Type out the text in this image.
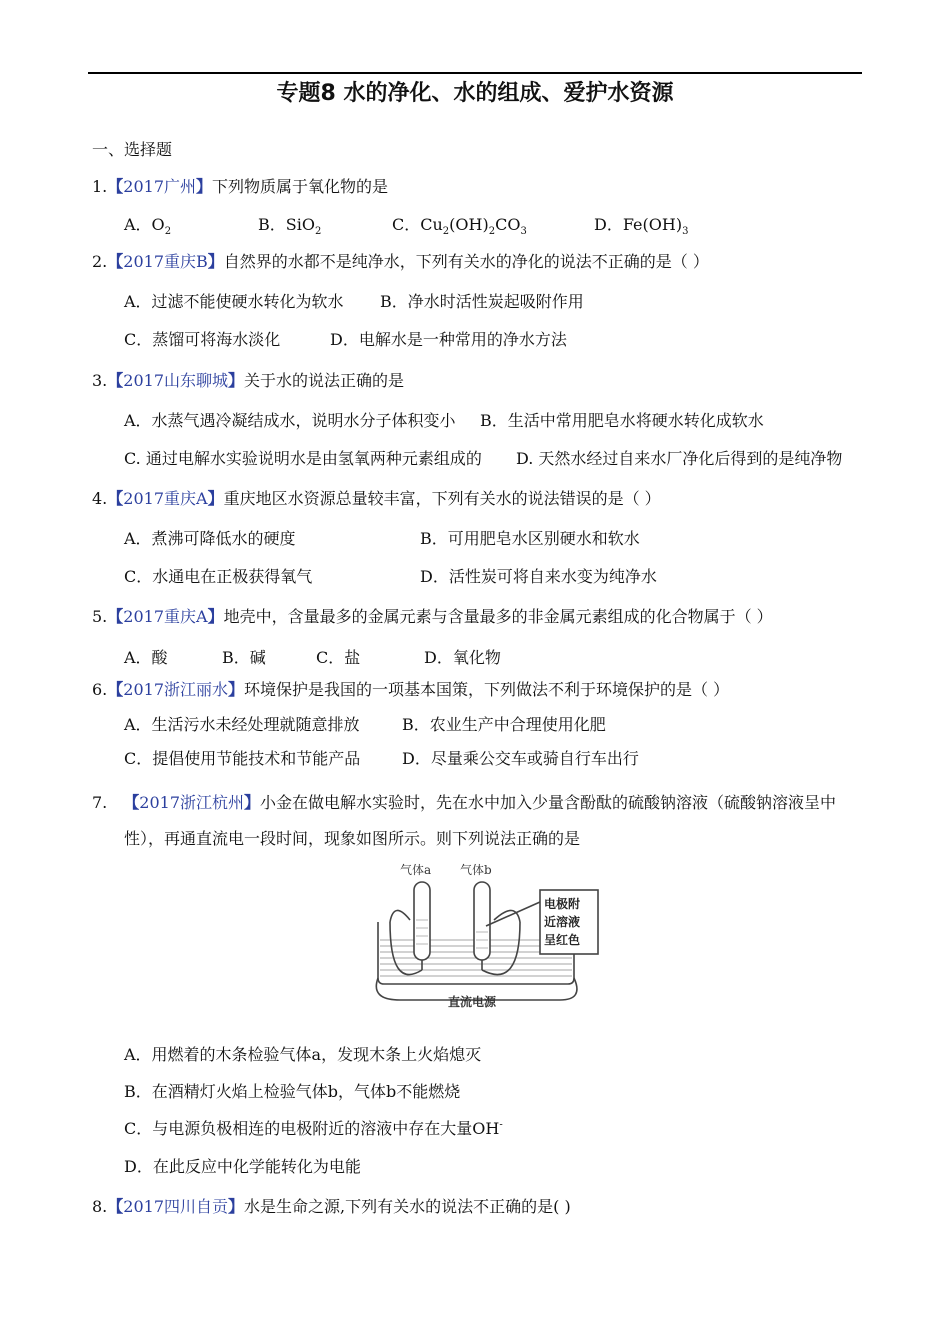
专题8 水的净化、水的组成、爱护水资源
一、选择题
1.【2017广州】下列物质属于氧化物的是
A．$O_2$	B．SiO$_2$	C．$Cu_2(OH)_2CO_3$	D．$Fe(OH)_3$
2.【2017重庆B】自然界的水都不是纯净水，下列有关水的净化的说法不正确的是（ ）
A．过滤不能使硬水转化为软水 B．净水时活性炭起吸附作用
C．蒸馏可将海水淡化	D．电解水是一种常用的净水方法
3.【2017山东聊城】关于水的说法正确的是
A．水蒸气遇冷凝结成水，说明水分子体积变小 B．生活中常用肥皂水将硬水转化成软水
C. 通过电解水实验说明水是由氢氧两种元素组成的 D. 天然水经过自来水厂净化后得到的是纯净物
4.【2017重庆A】重庆地区水资源总量较丰富，下列有关水的说法错误的是（ ）
A．煮沸可降低水的硬度	B．可用肥皂水区别硬水和软水
C．水通电在正极获得氧气	D．活性炭可将自来水变为纯净水
5.【2017重庆A】地壳中，含量最多的金属元素与含量最多的非金属元素组成的化合物属于（ ）
A．酸	B．碱	C．盐	D．氧化物
6.【2017浙江丽水】环境保护是我国的一项基本国策，下列做法不利于环境保护的是（ ）
A．生活污水未经处理就随意排放	B．农业生产中合理使用化肥
C．提倡使用节能技术和节能产品	D．尽量乘公交车或骑自行车出行
7. 【2017浙江杭州】小金在做电解水实验时，先在水中加入少量含酚酞的硫酸钠溶液（硫酸钠溶液呈中
性），再通直流电一段时间，现象如图所示。则下列说法正确的是
气体a 气体b
电极附
近溶液
呈红色
直流电源
A．用燃着的木条检验气体a，发现木条上火焰熄灭
B．在酒精灯火焰上检验气体b，气体b不能燃烧
C．与电源负极相连的电极附近的溶液中存在大量OH-
D．在此反应中化学能转化为电能
8.【2017四川自贡】水是生命之源,下列有关水的说法不正确的是( )
